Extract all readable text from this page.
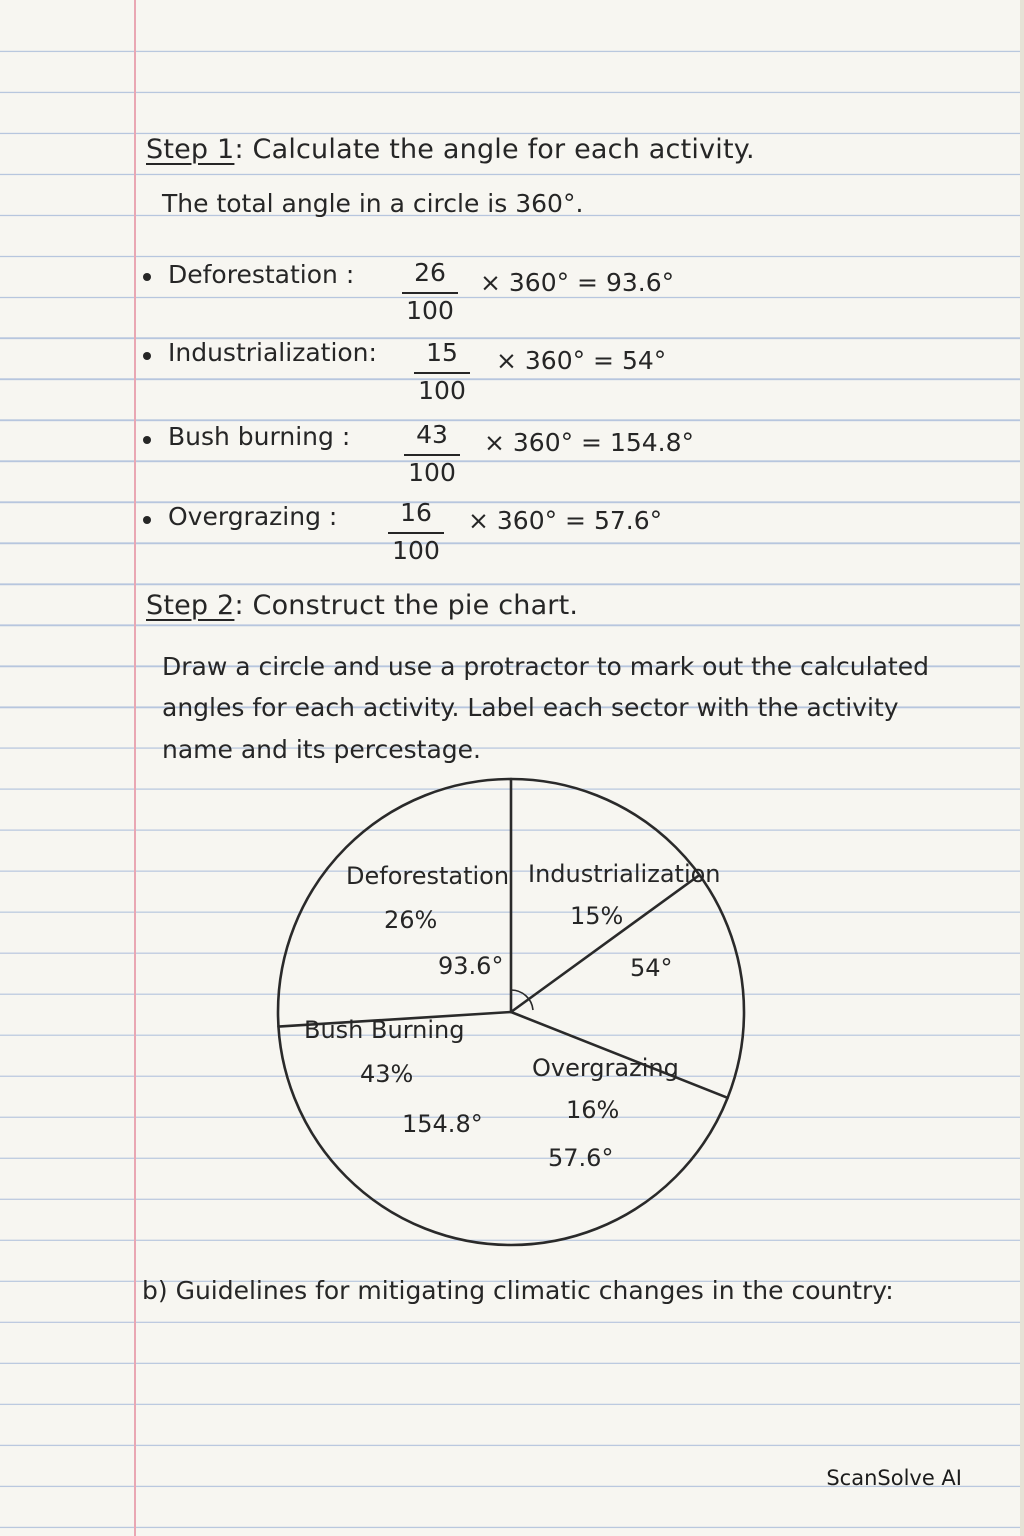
Step 1: Calculate the angle for each activity.
The total angle in a circle is 360°.
Deforestation :	26
100
× 360° = 93.6°
Industrialization:	15
100
× 360° = 54°
Bush burning :	43
100
× 360° = 154.8°
Overgrazing :	16
100
× 360° = 57.6°
Step 2: Construct the pie chart.
Draw a circle and use a protractor to mark out the calculated
angles for each activity. Label each sector with the activity
name and its percestage.
Deforestation
26%
93.6°
Industrialization
15%
54°
Bush Burning
43%
154.8°
Overgrazing
16%
57.6°
b) Guidelines for mitigating climatic changes in the country:
ScanSolve AI
